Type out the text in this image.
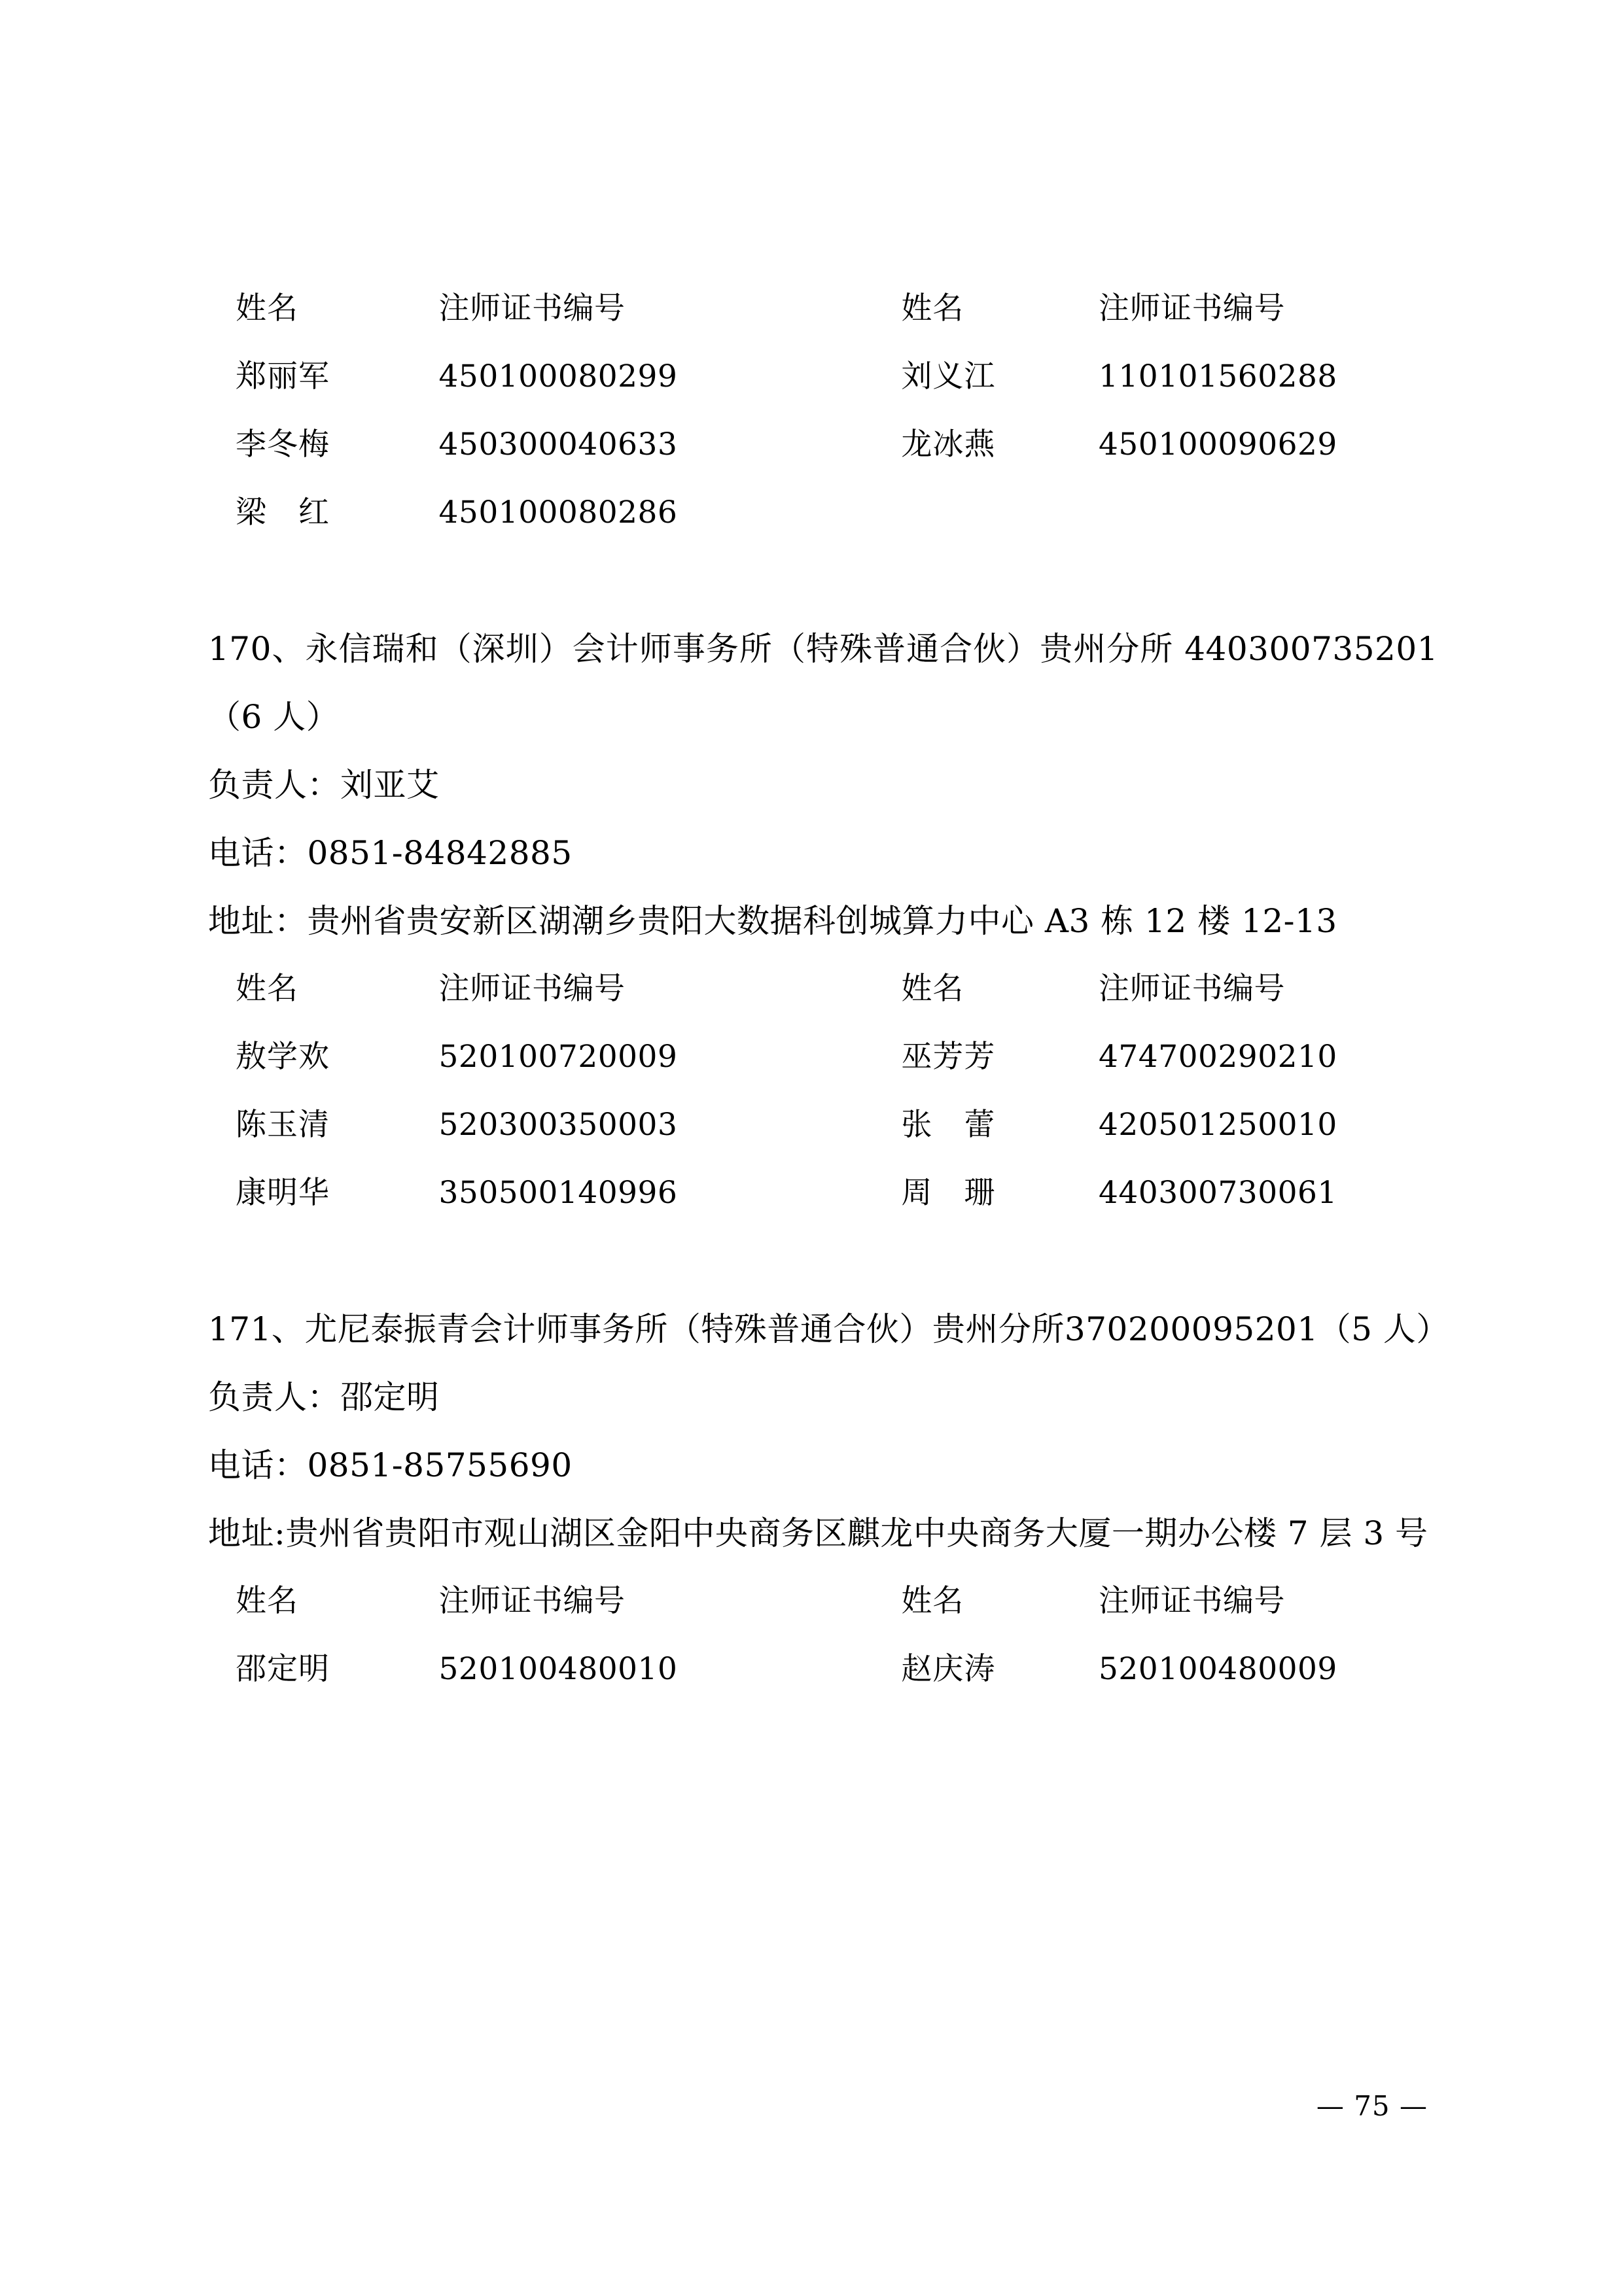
姓名	注师证书编号	姓名	注师证书编号
郑丽军	450100080299	刘义江	110101560288
李冬梅	450300040633	龙冰燕	450100090629
梁　红	450100080286		

170、永信瑞和（深圳）会计师事务所（特殊普通合伙）贵州分所 440300735201（6 人）

负责人：刘亚艾

电话：0851-84842885

地址：贵州省贵安新区湖潮乡贵阳大数据科创城算力中心 A3 栋 12 楼 12-13

姓名	注师证书编号	姓名	注师证书编号
敖学欢	520100720009	巫芳芳	474700290210
陈玉清	520300350003	张　蕾	420501250010
康明华	350500140996	周　珊	440300730061

171、尤尼泰振青会计师事务所（特殊普通合伙）贵州分所370200095201（5 人）

负责人：邵定明

电话：0851-85755690

地址:贵州省贵阳市观山湖区金阳中央商务区麒龙中央商务大厦一期办公楼 7 层 3 号

姓名	注师证书编号	姓名	注师证书编号
邵定明	520100480010	赵庆涛	520100480009
— 75 —
